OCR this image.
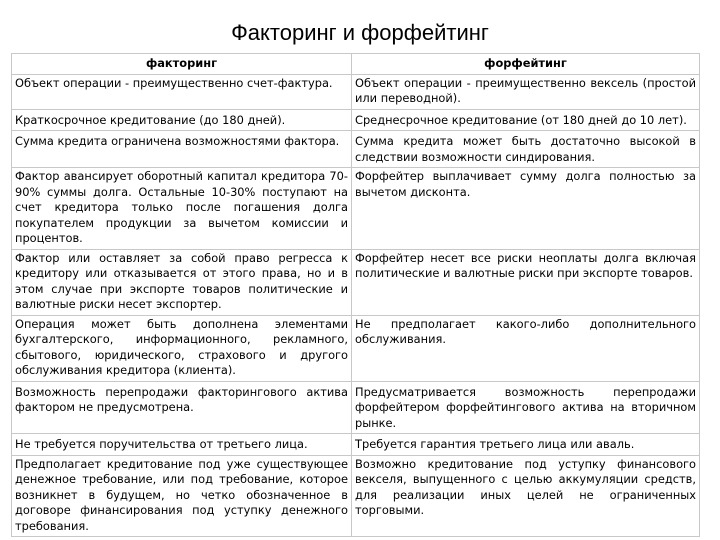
Факторинг и форфейтинг
факторинг	форфейтинг
Объект операции - преимущественно счет-фактура.	Объект операции - преимущественно вексель (простой или переводной).
Краткосрочное кредитование (до 180 дней).	Среднесрочное кредитование (от 180 дней до 10 лет).
Сумма кредита ограничена возможностями фактора.	Сумма кредита может быть достаточно высокой в следствии возможности синдирования.
Фактор авансирует оборотный капитал кредитора 70-90% суммы долга. Остальные 10-30% поступают на счет кредитора только после погашения долга покупателем продукции за вычетом комиссии и процентов.	Форфейтер выплачивает сумму долга полностью за вычетом дисконта.
Фактор или оставляет за собой право регресса к кредитору или отказывается от этого права, но и в этом случае при экспорте товаров политические и валютные риски несет экспортер.	Форфейтер несет все риски неоплаты долга включая политические и валютные риски при экспорте товаров.
Операция может быть дополнена элементами бухгалтерского, информационного, рекламного, сбытового, юридического, страхового и другого обслуживания кредитора (клиента).	Не предполагает какого-либо дополнительного обслуживания.
Возможность перепродажи факторингового актива фактором не предусмотрена.	Предусматривается возможность перепродажи форфейтером форфейтингового актива на вторичном рынке.
Не требуется поручительства от третьего лица.	Требуется гарантия третьего лица или аваль.
Предполагает кредитование под уже существующее денежное требование, или под требование, которое возникнет в будущем, но четко обозначенное в договоре финансирования под уступку денежного требования.	Возможно кредитование под уступку финансового векселя, выпущенного с целью аккумуляции средств, для реализации иных целей не ограниченных торговыми.
